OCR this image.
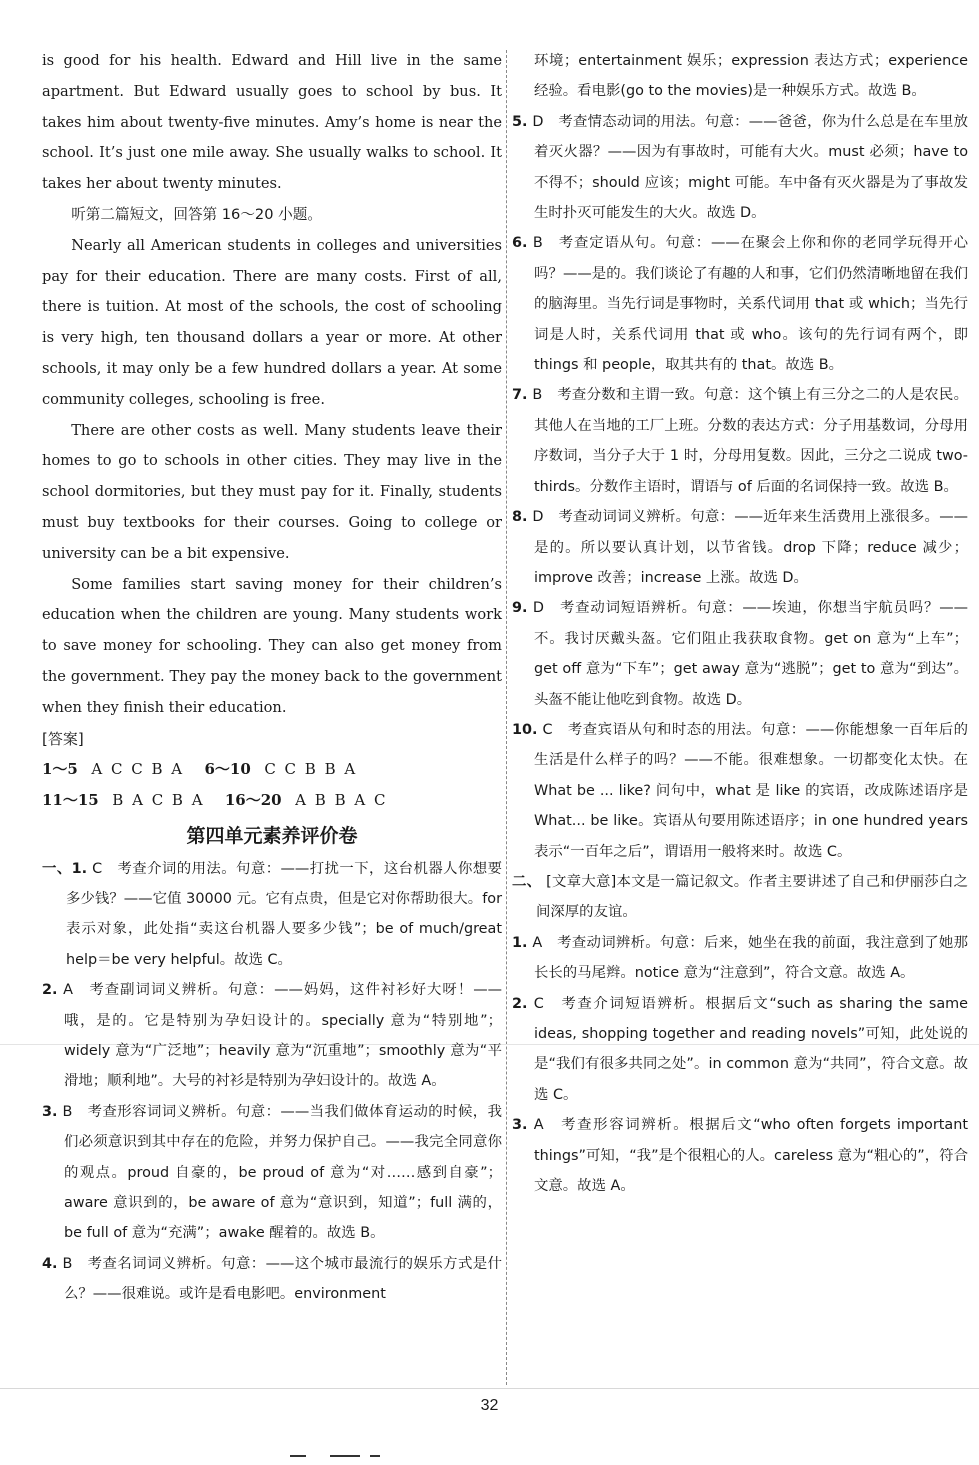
is good for his health. Edward and Hill live in the same apartment. But Edward usually goes to school by bus. It takes him about twenty-five minutes. Amy’s home is near the school. It’s just one mile away. She usually walks to school. It takes her about twenty minutes.

听第二篇短文，回答第 16～20 小题。

Nearly all American students in colleges and universities pay for their education. There are many costs. First of all, there is tuition. At most of the schools, the cost of schooling is very high, ten thousand dollars a year or more. At other schools, it may only be a few hundred dollars a year. At some community colleges, schooling is free.

There are other costs as well. Many students leave their homes to go to schools in other cities. They may live in the school dormitories, but they must pay for it. Finally, students must buy textbooks for their courses. Going to college or university can be a bit expensive.

Some families start saving money for their children’s education when the children are young. Many students work to save money for schooling. They can also get money from the government. They pay the money back to the government when they finish their education.

[答案]

1～5 A C C B A 6～10 C C B B A

11～15 B A C B A 16～20 A B B A C

第四单元素养评价卷

一、1. C　考查介词的用法。句意：——打扰一下，这台机器人你想要多少钱？——它值 30000 元。它有点贵，但是它对你帮助很大。for 表示对象，此处指“卖这台机器人要多少钱”；be of much/great help＝be very helpful。故选 C。

2. A　考查副词词义辨析。句意：——妈妈，这件衬衫好大呀！——哦，是的。它是特别为孕妇设计的。specially 意为“特别地”；widely 意为“广泛地”；heavily 意为“沉重地”；smoothly 意为“平滑地；顺利地”。大号的衬衫是特别为孕妇设计的。故选 A。

3. B　考查形容词词义辨析。句意：——当我们做体育运动的时候，我们必须意识到其中存在的危险，并努力保护自己。——我完全同意你的观点。proud 自豪的，be proud of 意为“对……感到自豪”；aware 意识到的，be aware of 意为“意识到，知道”；full 满的，be full of 意为“充满”；awake 醒着的。故选 B。

4. B　考查名词词义辨析。句意：——这个城市最流行的娱乐方式是什么？——很难说。或许是看电影吧。environment

环境；entertainment 娱乐；expression 表达方式；experience 经验。看电影(go to the movies)是一种娱乐方式。故选 B。

5. D　考查情态动词的用法。句意：——爸爸，你为什么总是在车里放着灭火器？——因为有事故时，可能有大火。must 必须；have to 不得不；should 应该；might 可能。车中备有灭火器是为了事故发生时扑灭可能发生的大火。故选 D。

6. B　考查定语从句。句意：——在聚会上你和你的老同学玩得开心吗？——是的。我们谈论了有趣的人和事，它们仍然清晰地留在我们的脑海里。当先行词是事物时，关系代词用 that 或 which；当先行词是人时，关系代词用 that 或 who。该句的先行词有两个，即 things 和 people，取其共有的 that。故选 B。

7. B　考查分数和主谓一致。句意：这个镇上有三分之二的人是农民。其他人在当地的工厂上班。分数的表达方式：分子用基数词，分母用序数词，当分子大于 1 时，分母用复数。因此，三分之二说成 two-thirds。分数作主语时，谓语与 of 后面的名词保持一致。故选 B。

8. D　考查动词词义辨析。句意：——近年来生活费用上涨很多。——是的。所以要认真计划，以节省钱。drop 下降；reduce 减少；improve 改善；increase 上涨。故选 D。

9. D　考查动词短语辨析。句意：——埃迪，你想当宇航员吗？——不。我讨厌戴头盔。它们阻止我获取食物。get on 意为“上车”；get off 意为“下车”；get away 意为“逃脱”；get to 意为“到达”。头盔不能让他吃到食物。故选 D。

10. C　考查宾语从句和时态的用法。句意：——你能想象一百年后的生活是什么样子的吗？——不能。很难想象。一切都变化太快。在 What be ... like? 问句中，what 是 like 的宾语，改成陈述语序是 What... be like。宾语从句要用陈述语序；in one hundred years 表示“一百年之后”，谓语用一般将来时。故选 C。

二、 [文章大意]本文是一篇记叙文。作者主要讲述了自己和伊丽莎白之间深厚的友谊。

1. A　考查动词辨析。句意：后来，她坐在我的前面，我注意到了她那长长的马尾辫。notice 意为“注意到”，符合文意。故选 A。

2. C　考查介词短语辨析。根据后文“such as sharing the same ideas, shopping together and reading novels”可知，此处说的是“我们有很多共同之处”。in common 意为“共同”，符合文意。故选 C。

3. A　考查形容词辨析。根据后文“who often forgets important things”可知，“我”是个很粗心的人。careless 意为“粗心的”，符合文意。故选 A。

32
